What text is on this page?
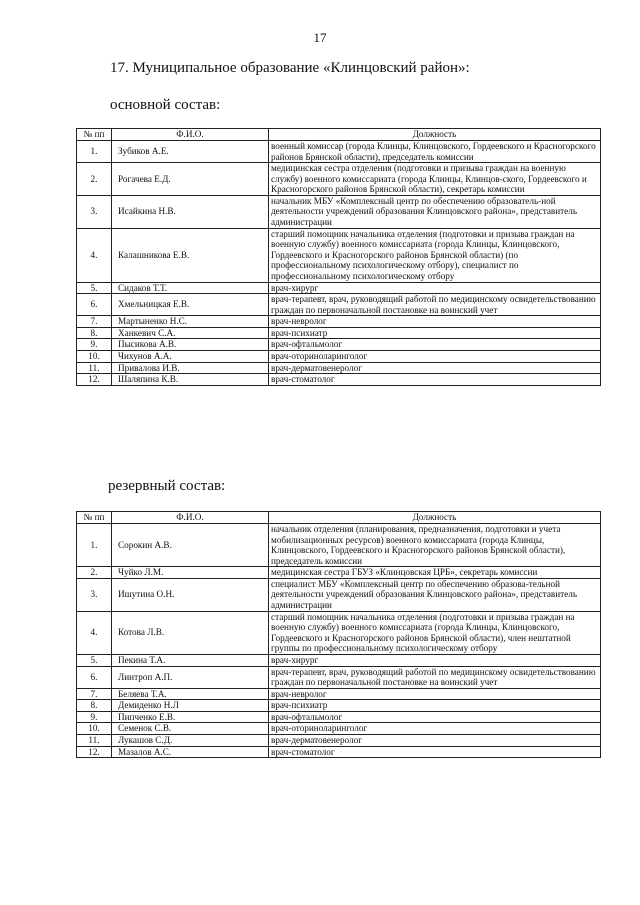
17
17. Муниципальное образование «Клинцовский район»:
основной состав:
№ пп	Ф.И.О.	Должность
1.	Зубиков А.Е.	военный комиссар (города Клинцы, Клинцовского, Гордеевского и Красногорского районов Брянской области), председатель комиссии
2.	Рогачева Е.Д.	медицинская сестра отделения (подготовки и призыва граждан на военную службу) военного комиссариата (города Клинцы, Клинцов-ского, Гордеевского и Красногорского районов Брянской области), секретарь комиссии
3.	Исайкина Н.В.	начальник МБУ «Комплексный центр по обеспечению образователь-ной деятельности учреждений образования Клинцовского района», представитель администрации
4.	Калашникова Е.В.	старший помощник начальника отделения (подготовки и призыва граждан на военную службу) военного комиссариата (города Клинцы, Клинцовского, Гордеевского и Красногорского районов Брянской области) (по профессиональному психологическому отбору), специалист по профессиональному психологическому отбору
5.	Сидаков Т.Т.	врач-хирург
6.	Хмельницкая Е.В.	врач-терапевт, врач, руководящий работой по медицинскому освидетельствованию граждан по первоначальной постановке на воинский учет
7.	Мартыненко Н.С.	врач-невролог
8.	Ханкевич С.А.	врач-психиатр
9.	Пысикова А.В.	врач-офтальмолог
10.	Чихунов А.А.	врач-оториноларинголог
11.	Привалова И.В.	врач-дерматовенеролог
12.	Шаляпина К.В.	врач-стоматолог
резервный состав:
№ пп	Ф.И.О.	Должность
1.	Сорокин А.В.	начальник отделения (планирования, предназначения, подготовки и учета мобилизационных ресурсов) военного комиссариата (города Клинцы, Клинцовского, Гордеевского и Красногорского районов Брянской области), председатель комиссии
2.	Чуйко Л.М.	медицинская сестра ГБУЗ «Клинцовская ЦРБ», секретарь комиссии
3.	Ишутина О.Н.	специалист МБУ «Комплексный центр по обеспечению образова-тельной деятельности учреждений образования Клинцовского района», представитель администрации
4.	Котова Л.В.	старший помощник начальника отделения (подготовки и призыва граждан на военную службу) военного комиссариата (города Клинцы, Клинцовского, Гордеевского и Красногорского районов Брянской области), член нештатной группы по профессиональному психологическому отбору
5.	Пекина Т.А.	врач-хирург
6.	Линтроп А.П.	врач-терапевт, врач, руководящий работой по медицинскому освидетельствованию граждан по первоначальной постановке на воинский учет
7.	Беляева Т.А.	врач-невролог
8.	Демиденко Н.Л	врач-психиатр
9.	Пипченко Е.В.	врач-офтальмолог
10.	Семенок С.В.	врач-оториноларинголог
11.	Лукашов С.Д.	врач-дерматовенеролог
12.	Мазалов А.С.	врач-стоматолог
